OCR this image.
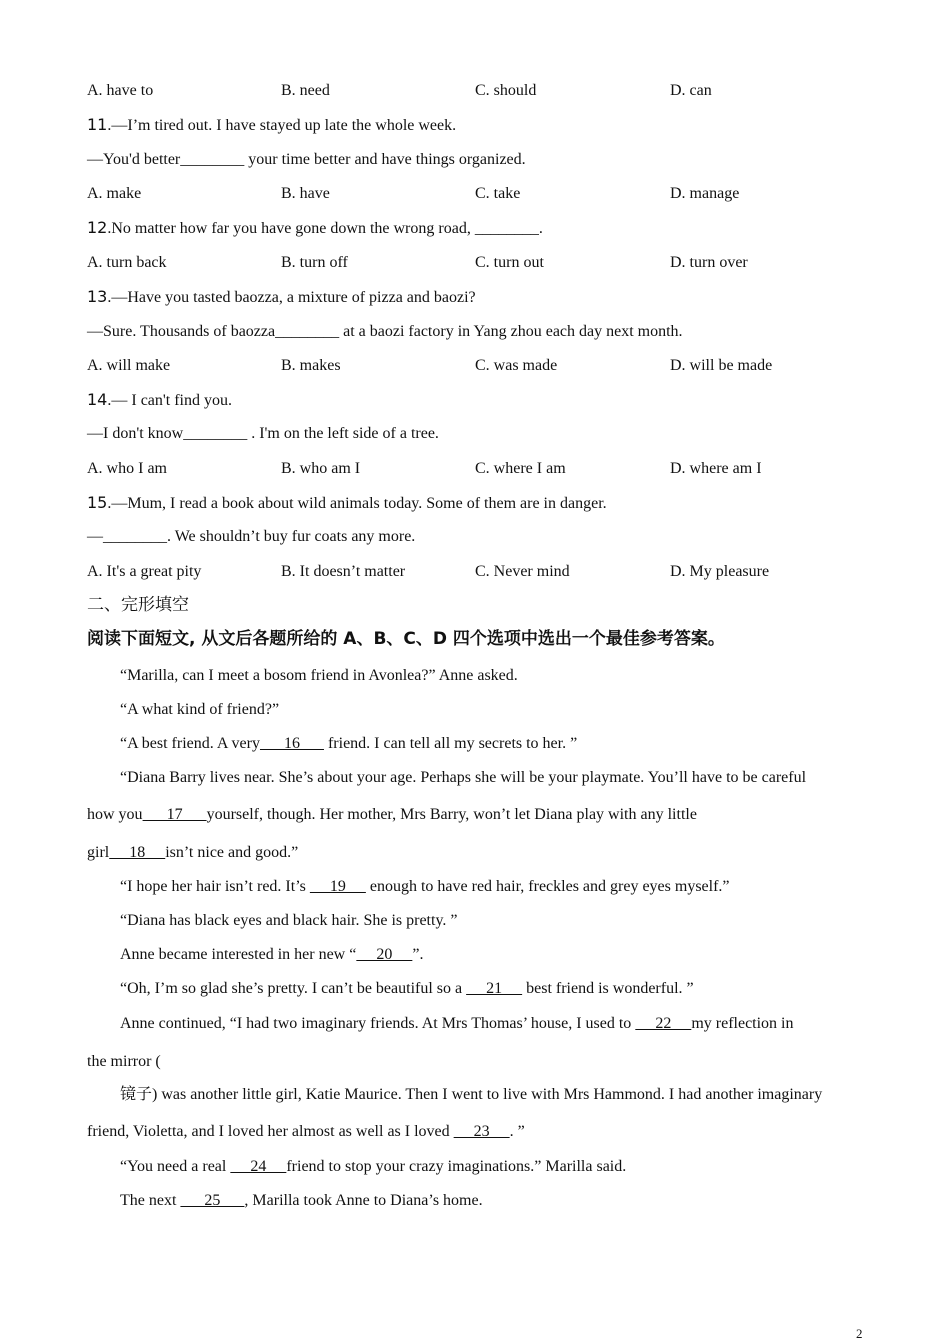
A. have to	B. need	C. should	D. can
11.—I’m tired out. I have stayed up late the whole week.
—You'd better________ your time better and have things organized.
A. make	B. have	C. take	D. manage
12.No matter how far you have gone down the wrong road, ________.
A. turn back	B. turn off	C. turn out	D. turn over
13.—Have you tasted baozza, a mixture of pizza and baozi?
—Sure. Thousands of baozza________ at a baozi factory in Yang zhou each day next month.
A. will make	B. makes	C. was made	D. will be made
14.— I can't find you.
—I don't know________ . I'm on the left side of a tree.
A. who I am	B. who am I	C. where I am	D. where am I
15.—Mum, I read a book about wild animals today. Some of them are in danger.
—________. We shouldn’t buy fur coats any more.
A. It's a great pity	B. It doesn’t matter	C. Never mind	D. My pleasure
二、完形填空
阅读下面短文, 从文后各题所给的 A、B、C、D 四个选项中选出一个最佳参考答案。
“Marilla, can I meet a bosom friend in Avonlea?” Anne asked.
“A what kind of friend?”
“A best friend. A very      16       friend. I can tell all my secrets to her. ”
“Diana Barry lives near. She’s about your age. Perhaps she will be your playmate. You’ll have to be careful
how you      17      yourself, though. Her mother, Mrs Barry, won’t let Diana play with any little
girl     18     isn’t nice and good.”
“I hope her hair isn’t red. It’s      19      enough to have red hair, freckles and grey eyes myself.”
“Diana has black eyes and black hair. She is pretty. ”
Anne became interested in her new “     20     ”.
“Oh, I’m so glad she’s pretty. I can’t be beautiful so a      21      best friend is wonderful. ”
Anne continued, “I had two imaginary friends. At Mrs Thomas’ house, I used to      22     my reflection in
the mirror (
镜子) was another little girl, Katie Maurice. Then I went to live with Mrs Hammond. I had another imaginary
friend, Violetta, and I loved her almost as well as I loved      23     . ”
“You need a real      24     friend to stop your crazy imaginations.” Marilla said.
The next       25      , Marilla took Anne to Diana’s home.
2
